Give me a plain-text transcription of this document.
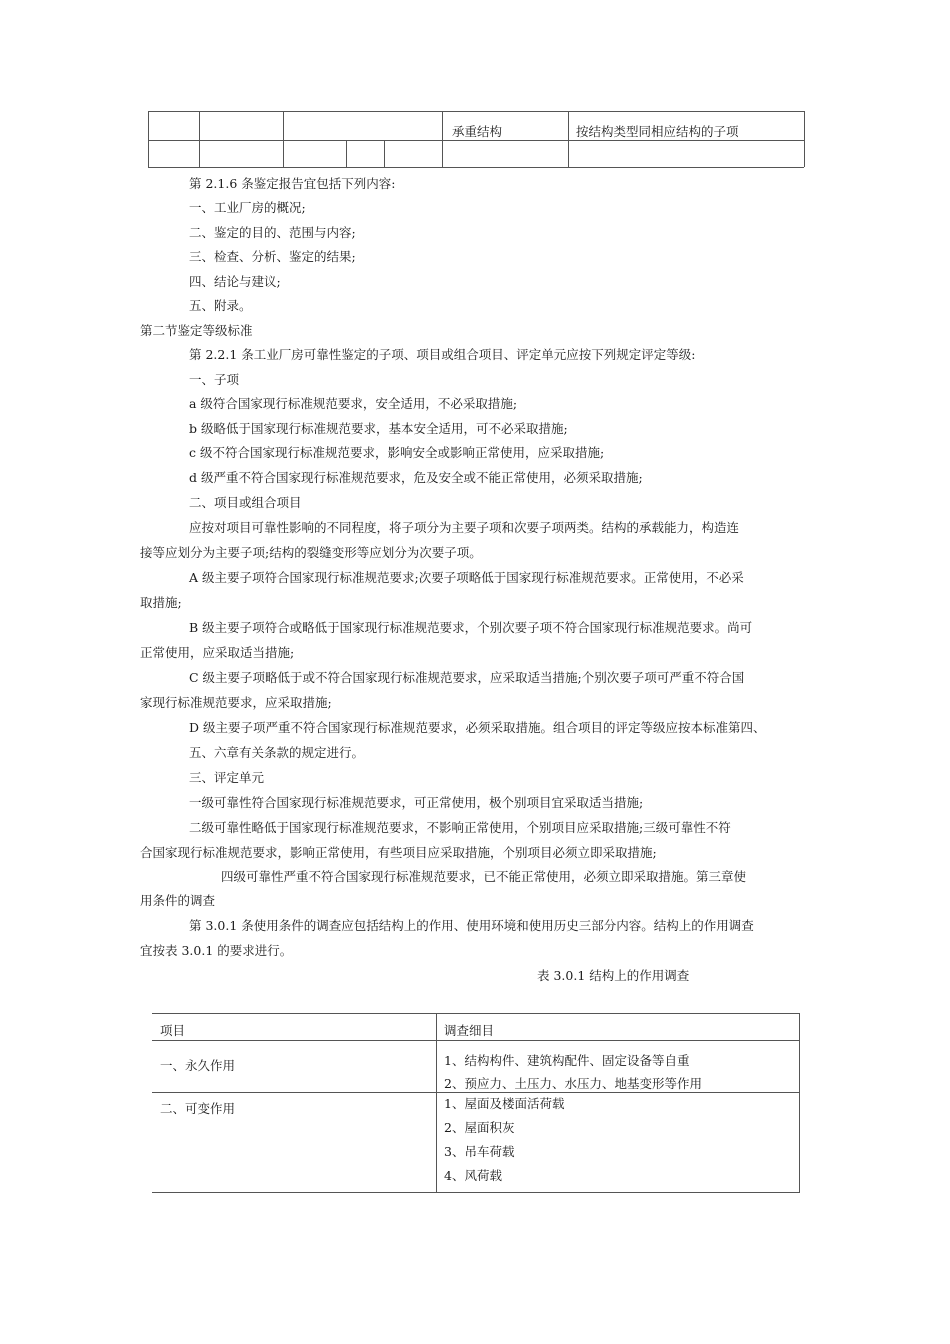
承重结构	按结构类型同相应结构的子项
第 2.1.6 条鉴定报告宜包括下列内容:
一、工业厂房的概况;
二、鉴定的目的、范围与内容;
三、检查、分析、鉴定的结果;
四、结论与建议;
五、附录。
第二节鉴定等级标准
第 2.2.1 条工业厂房可靠性鉴定的子项、项目或组合项目、评定单元应按下列规定评定等级:
一、子项
a 级符合国家现行标准规范要求，安全适用，不必采取措施;
b 级略低于国家现行标准规范要求，基本安全适用，可不必采取措施;
c 级不符合国家现行标准规范要求，影响安全或影响正常使用，应采取措施;
d 级严重不符合国家现行标准规范要求，危及安全或不能正常使用，必须采取措施;
二、项目或组合项目
应按对项目可靠性影响的不同程度，将子项分为主要子项和次要子项两类。结构的承载能力，构造连
接等应划分为主要子项;结构的裂缝变形等应划分为次要子项。
A 级主要子项符合国家现行标准规范要求;次要子项略低于国家现行标准规范要求。正常使用，不必采
取措施;
B 级主要子项符合或略低于国家现行标准规范要求，个别次要子项不符合国家现行标准规范要求。尚可
正常使用，应采取适当措施;
C 级主要子项略低于或不符合国家现行标准规范要求，应采取适当措施;个别次要子项可严重不符合国
家现行标准规范要求，应采取措施;
D 级主要子项严重不符合国家现行标准规范要求，必须采取措施。组合项目的评定等级应按本标准第四、
五、六章有关条款的规定进行。
三、评定单元
一级可靠性符合国家现行标准规范要求，可正常使用，极个别项目宜采取适当措施;
二级可靠性略低于国家现行标准规范要求，不影响正常使用，个别项目应采取措施;三级可靠性不符
合国家现行标准规范要求，影响正常使用，有些项目应采取措施，个别项目必须立即采取措施;
四级可靠性严重不符合国家现行标准规范要求，已不能正常使用，必须立即采取措施。第三章使
用条件的调查
第 3.0.1 条使用条件的调查应包括结构上的作用、使用环境和使用历史三部分内容。结构上的作用调查
宜按表 3.0.1 的要求进行。
表 3.0.1 结构上的作用调查
项目	调查细目
一、永久作用	1、结构构件、建筑构配件、固定设备等自重
2、预应力、土压力、水压力、地基变形等作用
二、可变作用	1、屋面及楼面活荷载
2、屋面积灰
3、吊车荷载
4、风荷载
